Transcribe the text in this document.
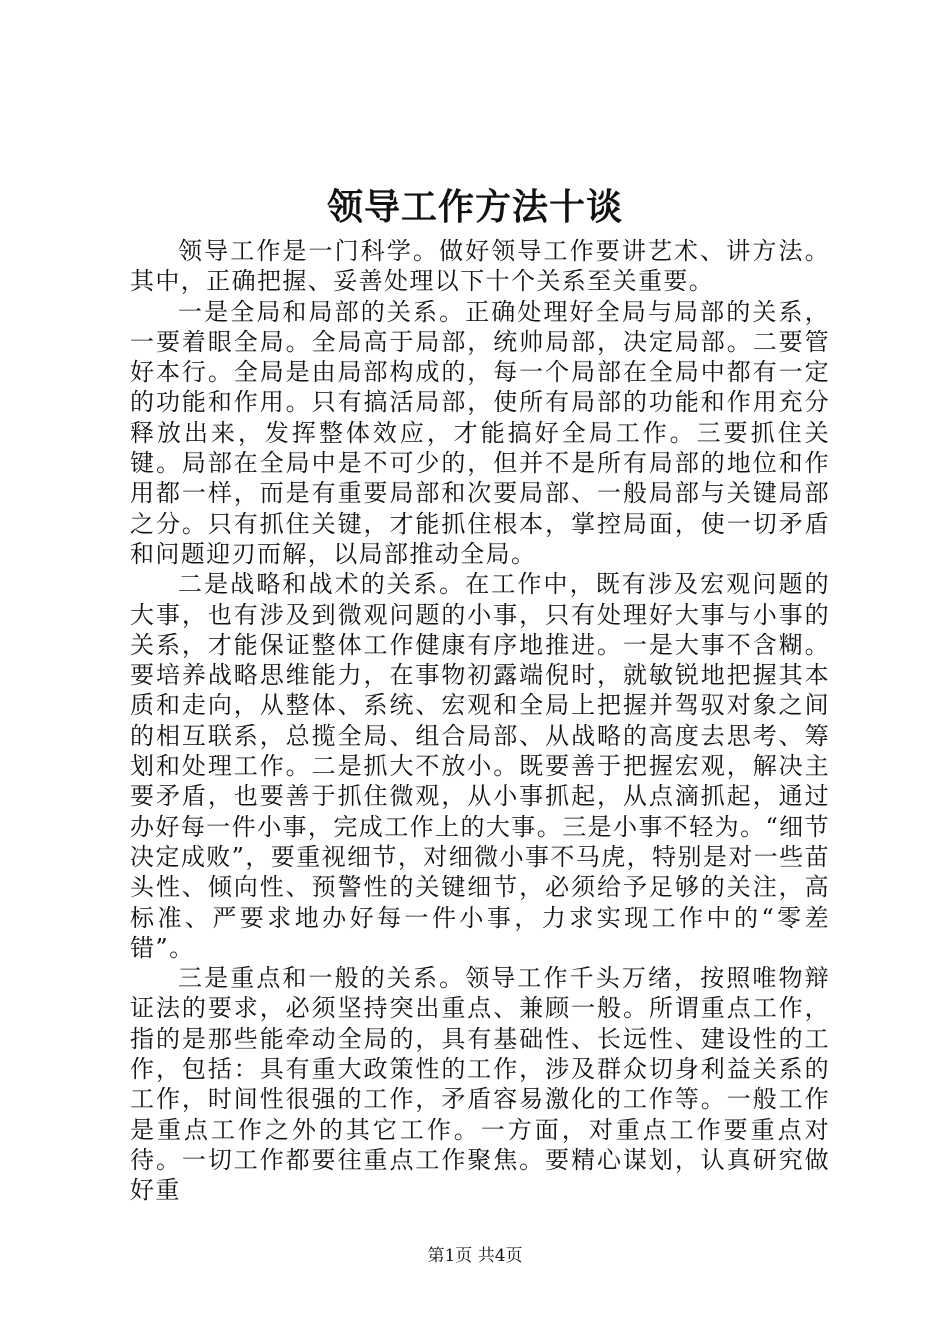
领导工作方法十谈

领导工作是一门科学。做好领导工作要讲艺术、讲方法。其中，正确把握、妥善处理以下十个关系至关重要。

一是全局和局部的关系。正确处理好全局与局部的关系，一要着眼全局。全局高于局部，统帅局部，决定局部。二要管好本行。全局是由局部构成的，每一个局部在全局中都有一定的功能和作用。只有搞活局部，使所有局部的功能和作用充分释放出来，发挥整体效应，才能搞好全局工作。三要抓住关键。局部在全局中是不可少的，但并不是所有局部的地位和作用都一样，而是有重要局部和次要局部、一般局部与关键局部之分。只有抓住关键，才能抓住根本，掌控局面，使一切矛盾和问题迎刃而解，以局部推动全局。

二是战略和战术的关系。在工作中，既有涉及宏观问题的大事，也有涉及到微观问题的小事，只有处理好大事与小事的关系，才能保证整体工作健康有序地推进。一是大事不含糊。要培养战略思维能力，在事物初露端倪时，就敏锐地把握其本质和走向，从整体、系统、宏观和全局上把握并驾驭对象之间的相互联系，总揽全局、组合局部、从战略的高度去思考、筹划和处理工作。二是抓大不放小。既要善于把握宏观，解决主要矛盾，也要善于抓住微观，从小事抓起，从点滴抓起，通过办好每一件小事，完成工作上的大事。三是小事不轻为。“细节决定成败”，要重视细节，对细微小事不马虎，特别是对一些苗头性、倾向性、预警性的关键细节，必须给予足够的关注，高标准、严要求地办好每一件小事，力求实现工作中的“零差错”。

三是重点和一般的关系。领导工作千头万绪，按照唯物辩证法的要求，必须坚持突出重点、兼顾一般。所谓重点工作，指的是那些能牵动全局的，具有基础性、长远性、建设性的工作，包括：具有重大政策性的工作，涉及群众切身利益关系的工作，时间性很强的工作，矛盾容易激化的工作等。一般工作是重点工作之外的其它工作。一方面，对重点工作要重点对待。一切工作都要往重点工作聚焦。要精心谋划，认真研究做好重

第1页 共4页
